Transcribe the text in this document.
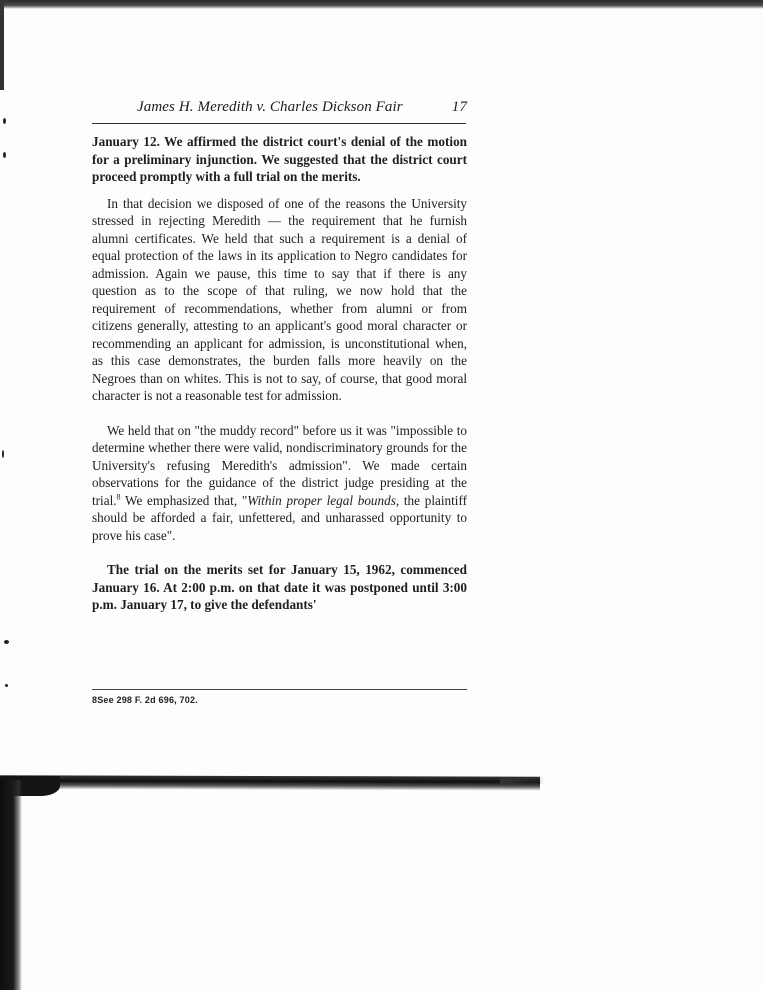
James H. Meredith v. Charles Dickson Fair	17

January 12. We affirmed the district court's denial of the motion for a preliminary injunction. We suggested that the district court proceed promptly with a full trial on the merits.

In that decision we disposed of one of the reasons the University stressed in rejecting Meredith — the requirement that he furnish alumni certificates. We held that such a requirement is a denial of equal protection of the laws in its application to Negro candidates for admission. Again we pause, this time to say that if there is any question as to the scope of that ruling, we now hold that the requirement of recommendations, whether from alumni or from citizens generally, attesting to an applicant's good moral character or recommending an applicant for admission, is unconstitutional when, as this case demonstrates, the burden falls more heavily on the Negroes than on whites. This is not to say, of course, that good moral character is not a reasonable test for admission.

We held that on "the muddy record" before us it was "impossible to determine whether there were valid, nondiscriminatory grounds for the University's refusing Meredith's admission". We made certain observations for the guidance of the district judge presiding at the trial.$^8$ We emphasized that, "Within proper legal bounds, the plaintiff should be afforded a fair, unfettered, and unharassed opportunity to prove his case".

The trial on the merits set for January 15, 1962, commenced January 16. At 2:00 p.m. on that date it was postponed until 3:00 p.m. January 17, to give the defendants'

8See 298 F. 2d 696, 702.
